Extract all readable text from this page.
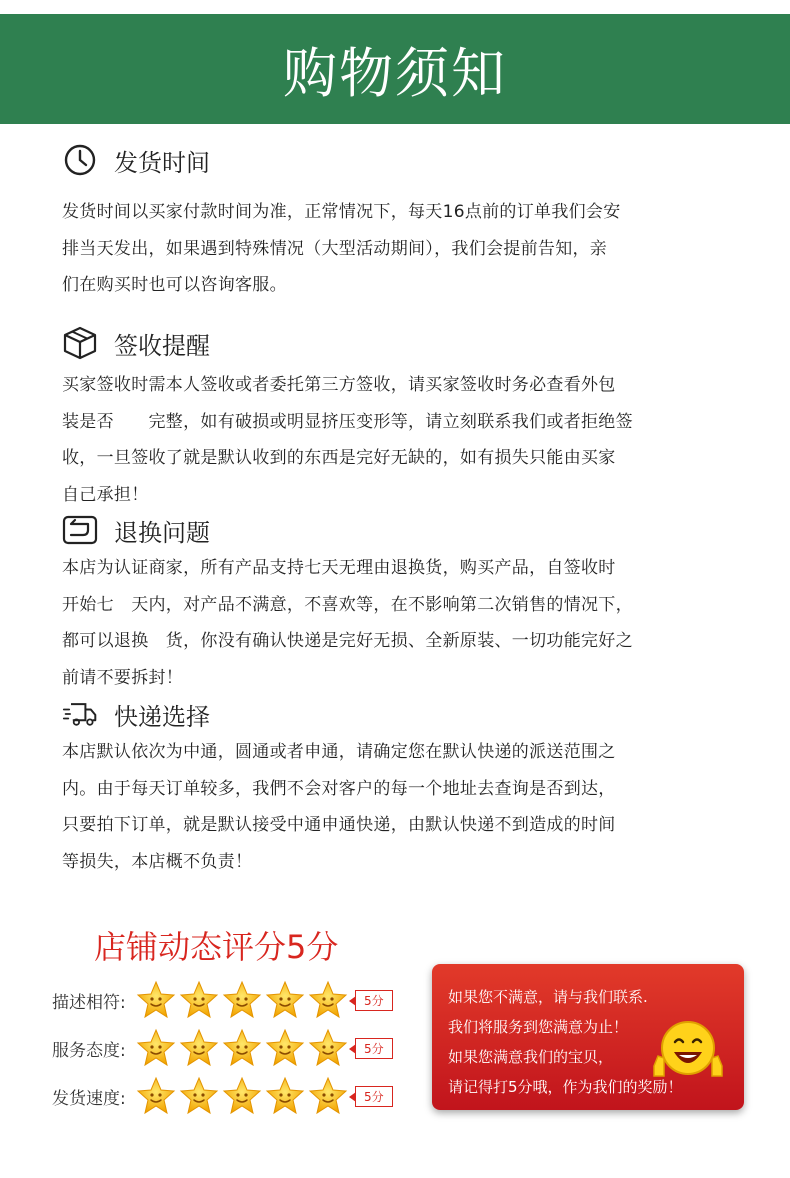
购物须知
发货时间

发货时间以买家付款时间为准，正常情况下，每天16点前的订单我们会安

排当天发出，如果遇到特殊情况（大型活动期间），我们会提前告知，亲

们在购买时也可以咨询客服。

签收提醒

买家签收时需本人签收或者委托第三方签收，请买家签收时务必查看外包

装是否　　完整，如有破损或明显挤压变形等，请立刻联系我们或者拒绝签

收，一旦签收了就是默认收到的东西是完好无缺的，如有损失只能由买家

自己承担！

退换问题

本店为认证商家，所有产品支持七天无理由退换货，购买产品，自签收时

开始七　天内，对产品不满意，不喜欢等，在不影响第二次销售的情况下，

都可以退换　货，你没有确认快递是完好无损、全新原装、一切功能完好之

前请不要拆封！

快递选择

本店默认依次为中通，圆通或者申通，请确定您在默认快递的派送范围之

内。由于每天订单较多，我們不会对客户的每一个地址去查询是否到达，

只要拍下订单，就是默认接受中通申通快递，由默认快递不到造成的时间

等损失，本店概不负责！

店铺动态评分5分
描述相符:	5分
服务态度:	5分
发货速度:	5分
如果您不满意，请与我们联系.
我们将服务到您满意为止！
如果您满意我们的宝贝，
请记得打5分哦，作为我们的奖励！
